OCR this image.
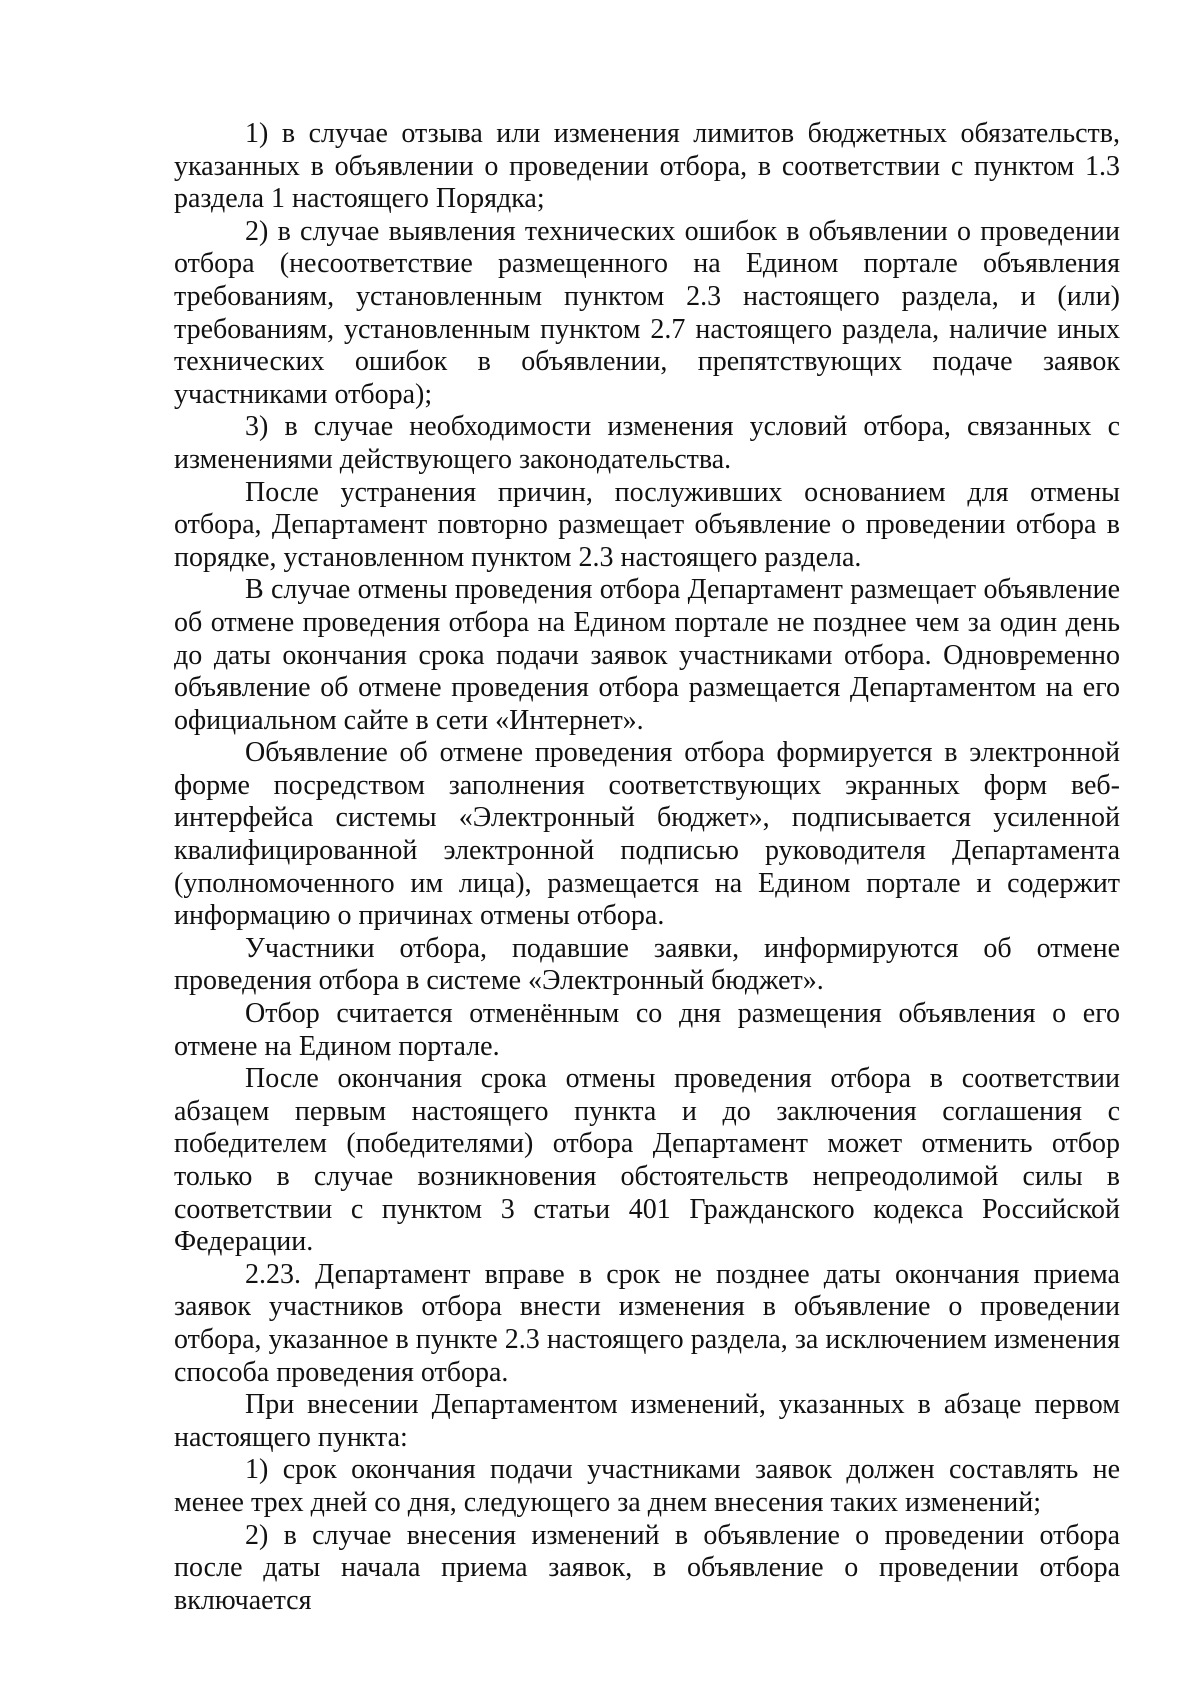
1) в случае отзыва или изменения лимитов бюджетных обязательств, указанных в объявлении о проведении отбора, в соответствии с пунктом 1.3 раздела 1 настоящего Порядка;

2) в случае выявления технических ошибок в объявлении о проведении отбора (несоответствие размещенного на Едином портале объявления требованиям, установленным пунктом 2.3 настоящего раздела, и (или) требованиям, установленным пунктом 2.7 настоящего раздела, наличие иных технических ошибок в объявлении, препятствующих подаче заявок участниками отбора);

3) в случае необходимости изменения условий отбора, связанных с изменениями действующего законодательства.

После устранения причин, послуживших основанием для отмены отбора, Департамент повторно размещает объявление о проведении отбора в порядке, установленном пунктом 2.3 настоящего раздела.

В случае отмены проведения отбора Департамент размещает объявление об отмене проведения отбора на Едином портале не позднее чем за один день до даты окончания срока подачи заявок участниками отбора. Одновременно объявление об отмене проведения отбора размещается Департаментом на его официальном сайте в сети «Интернет».

Объявление об отмене проведения отбора формируется в электронной форме посредством заполнения соответствующих экранных форм веб-интерфейса системы «Электронный бюджет», подписывается усиленной квалифицированной электронной подписью руководителя Департамента (уполномоченного им лица), размещается на Едином портале и содержит информацию о причинах отмены отбора.

Участники отбора, подавшие заявки, информируются об отмене проведения отбора в системе «Электронный бюджет».

Отбор считается отменённым со дня размещения объявления о его отмене на Едином портале.

После окончания срока отмены проведения отбора в соответствии абзацем первым настоящего пункта и до заключения соглашения с победителем (победителями) отбора Департамент может отменить отбор только в случае возникновения обстоятельств непреодолимой силы в соответствии с пунктом 3 статьи 401 Гражданского кодекса Российской Федерации.

2.23. Департамент вправе в срок не позднее даты окончания приема заявок участников отбора внести изменения в объявление о проведении отбора, указанное в пункте 2.3 настоящего раздела, за исключением изменения способа проведения отбора.

При внесении Департаментом изменений, указанных в абзаце первом настоящего пункта:

1) срок окончания подачи участниками заявок должен составлять не менее трех дней со дня, следующего за днем внесения таких изменений;

2) в случае внесения изменений в объявление о проведении отбора после даты начала приема заявок, в объявление о проведении отбора включается
